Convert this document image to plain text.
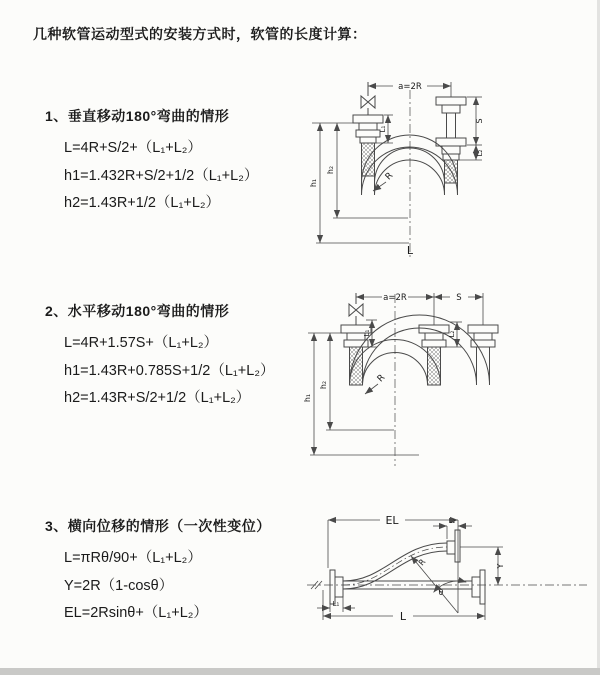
几种软管运动型式的安装方式时，软管的长度计算：
1、垂直移动180°弯曲的情形
L=4R+S/2+（L₁+L₂）
h1=1.432R+S/2+1/2（L₁+L₂）
h2=1.43R+1/2（L₁+L₂）
a=2R
h₁
h₂
L₁
S
L₂
R
L
2、水平移动180°弯曲的情形
L=4R+1.57S+（L₁+L₂）
h1=1.43R+0.785S+1/2（L₁+L₂）
h2=1.43R+S/2+1/2（L₁+L₂）
a=2R	S
h₁
h₂
L₁	L₂
R
3、横向位移的情形（一次性变位）
L=πRθ/90+（L₁+L₂）
Y=2R（1-cosθ）
EL=2Rsinθ+（L₁+L₂）
EL	L₂
Y
R
θ
L₁
L
